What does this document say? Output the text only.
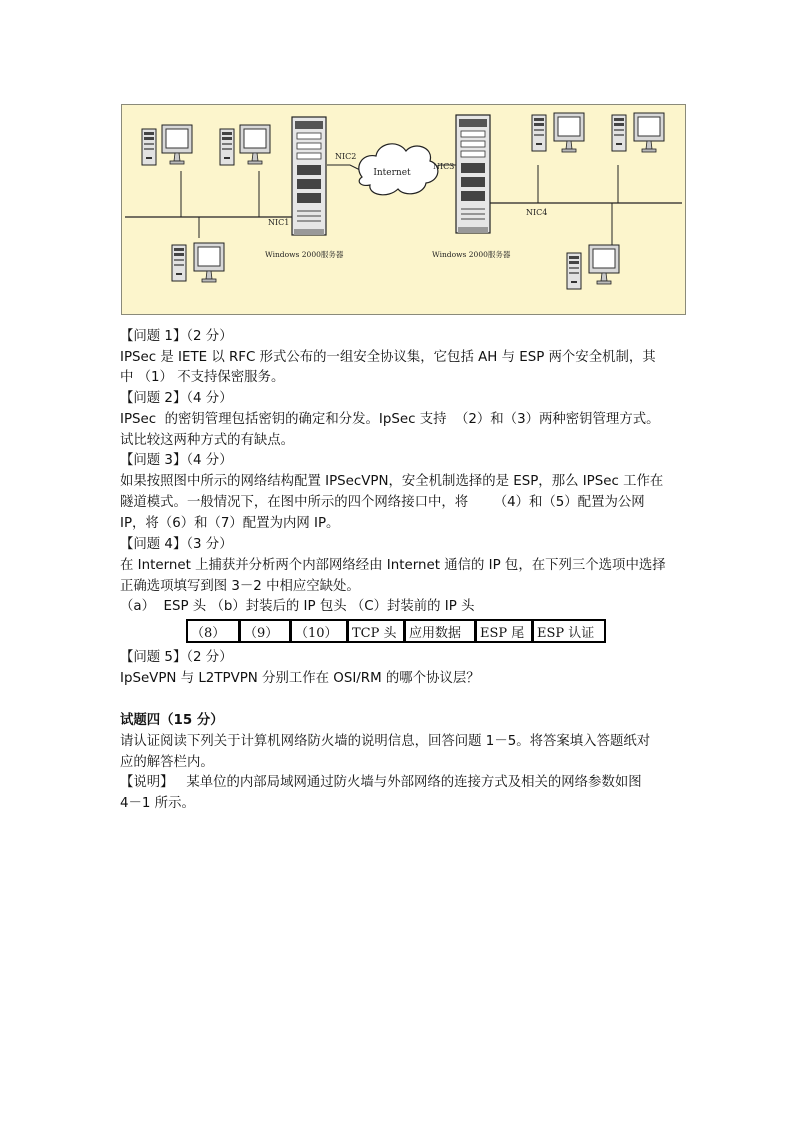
Internet
NIC2
NIC3
NIC1
NIC4
Windows 2000服务器	Windows 2000服务器
【问题 1】（2 分）
IPSec 是 IETE 以 RFC 形式公布的一组安全协议集，它包括 AH 与 ESP 两个安全机制，其
中 （1） 不支持保密服务。
【问题 2】（4 分）
IPSec  的密钥管理包括密钥的确定和分发。IpSec 支持  （2）和（3）两种密钥管理方式。
试比较这两种方式的有缺点。
【问题 3】（4 分）
如果按照图中所示的网络结构配置 IPSecVPN，安全机制选择的是 ESP，那么 IPSec 工作在
隧道模式。一般情况下，在图中所示的四个网络接口中，将      （4）和（5）配置为公网
IP，将（6）和（7）配置为内网 IP。
【问题 4】（3 分）
在 Internet 上捕获并分析两个内部网络经由 Internet 通信的 IP 包，在下列三个选项中选择
正确选项填写到图 3－2 中相应空缺处。
（a）  ESP 头 （b）封装后的 IP 包头 （C）封装前的 IP 头
（8）	（9）	（10）	TCP 头	应用数据	ESP 尾	ESP 认证
【问题 5】（2 分）
IpSeVPN 与 L2TPVPN 分别工作在 OSI/RM 的哪个协议层？
试题四（15 分）
请认证阅读下列关于计算机网络防火墙的说明信息，回答问题 1－5。将答案填入答题纸对
应的解答栏内。
【说明】   某单位的内部局域网通过防火墙与外部网络的连接方式及相关的网络参数如图
4－1 所示。
